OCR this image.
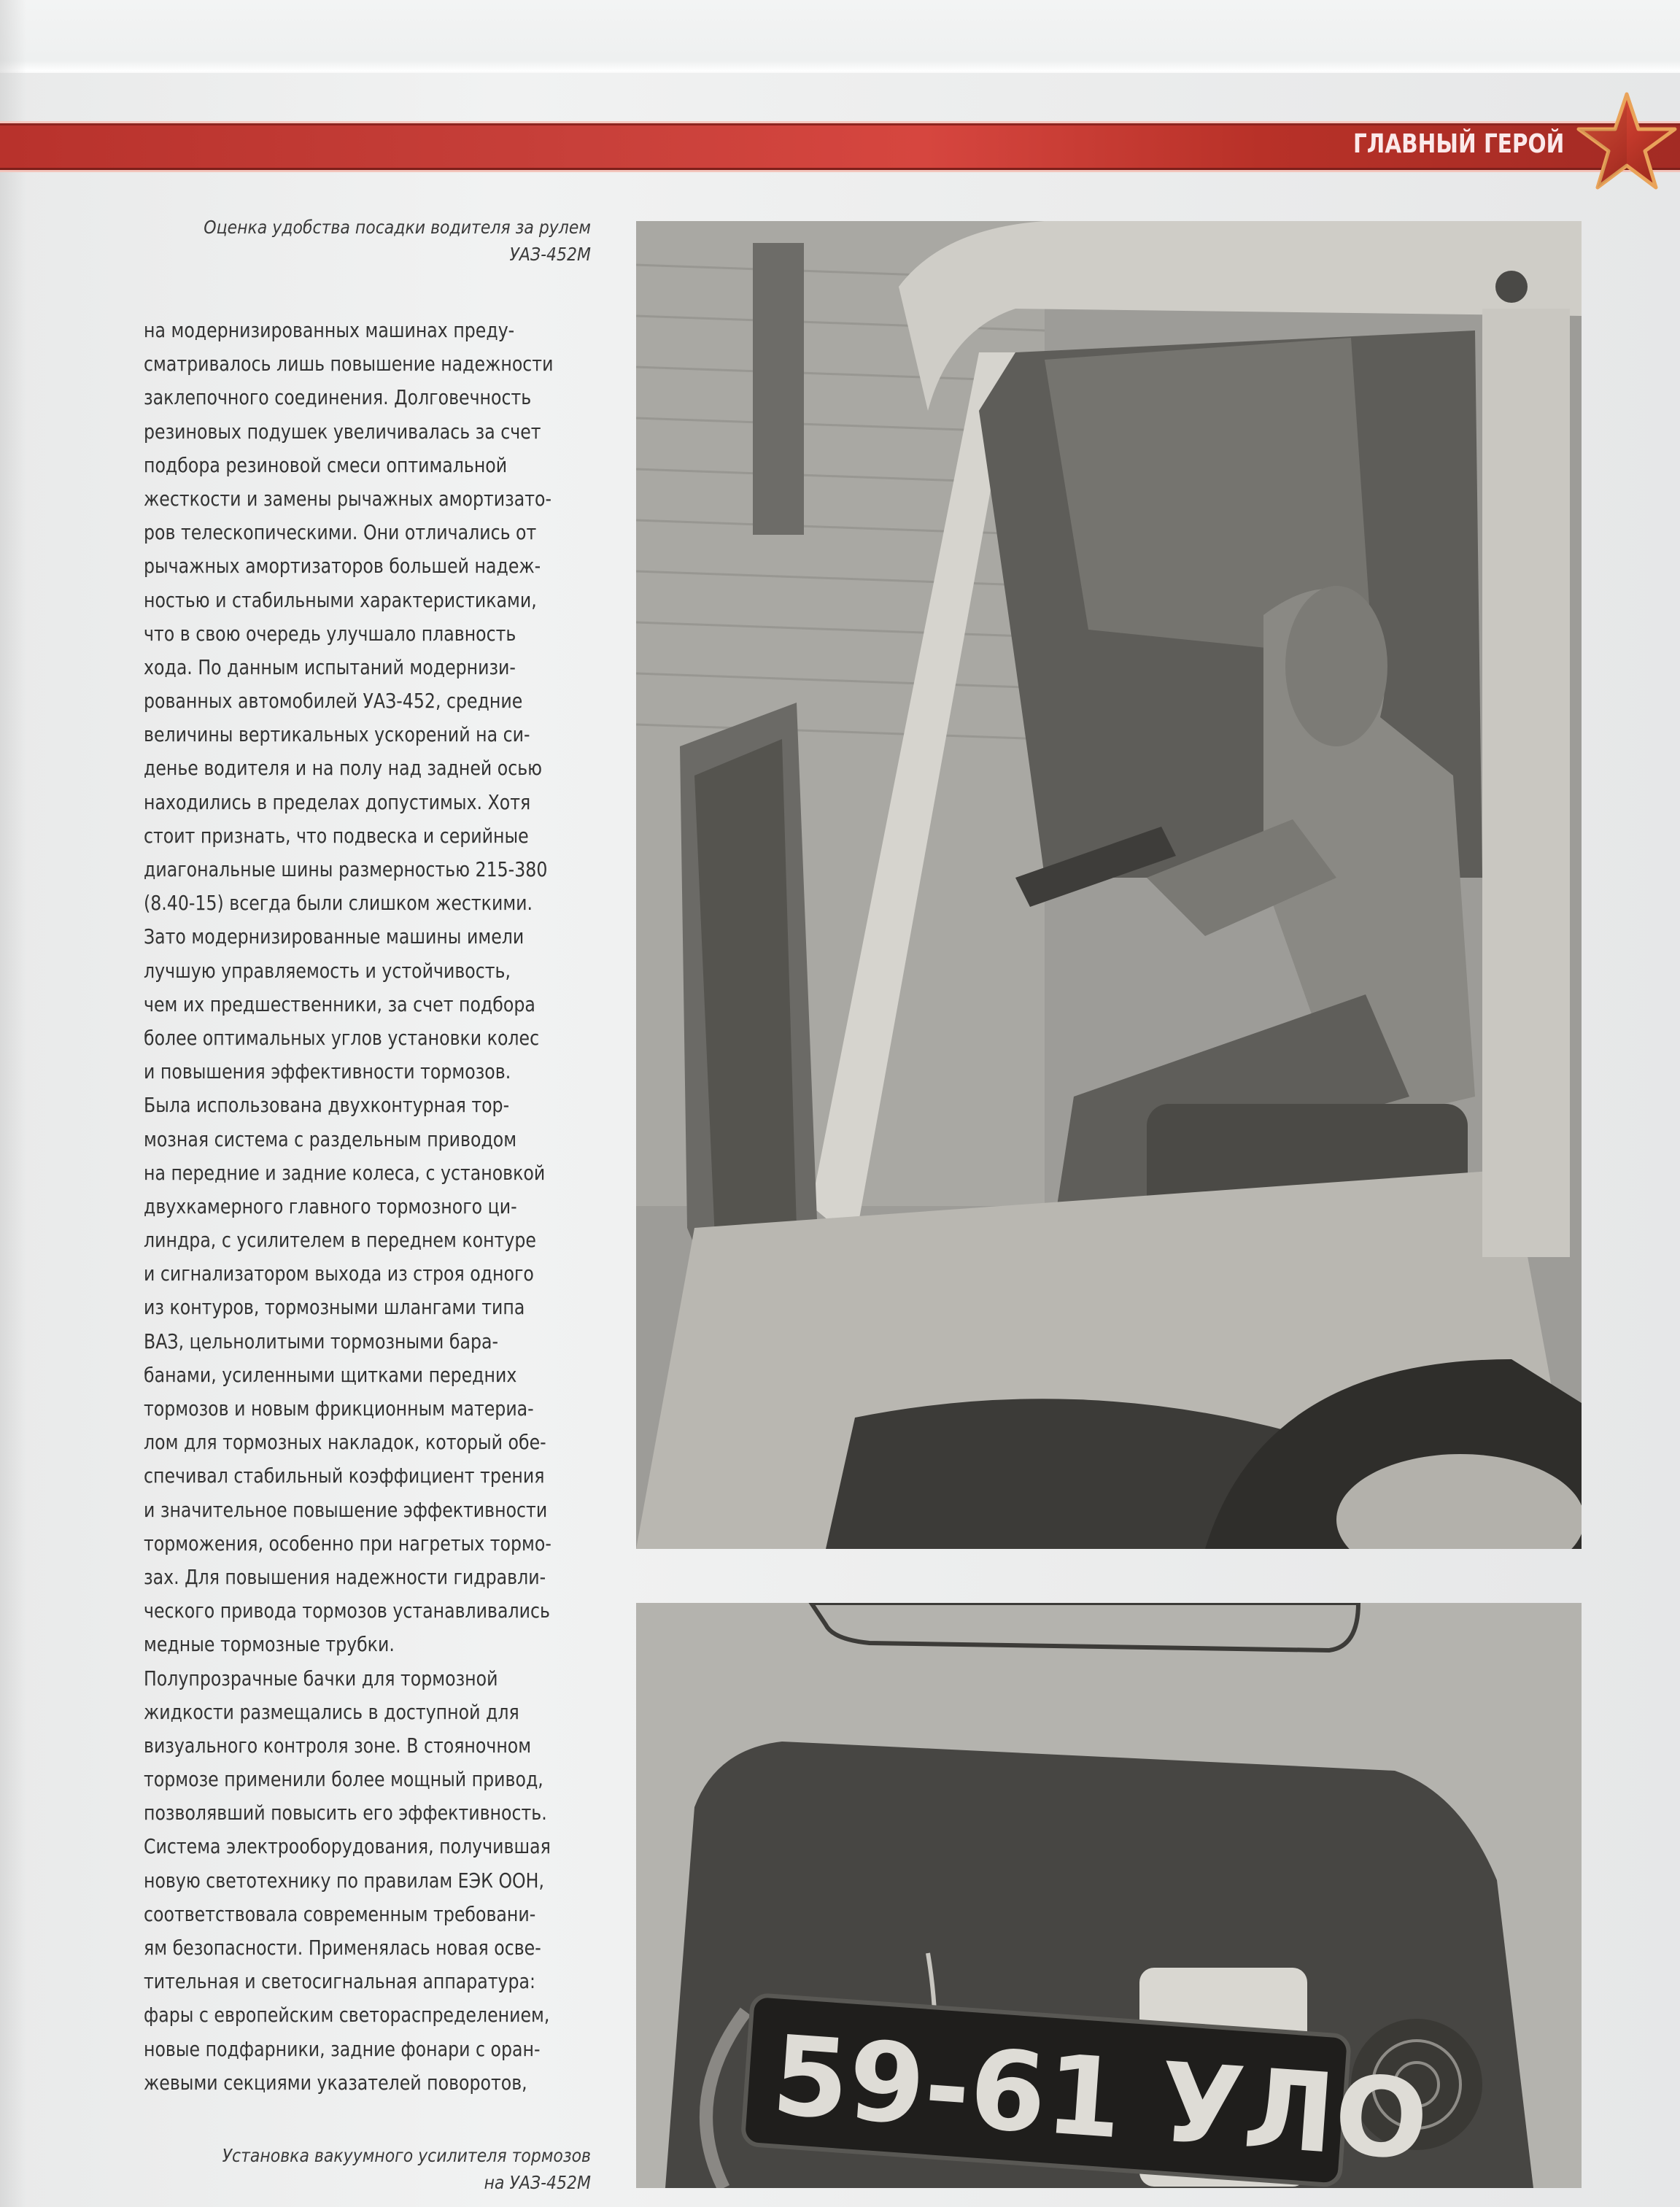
ГЛАВНЫЙ ГЕРОЙ
Оценка удобства посадки водителя за рулем
УАЗ-452М
на модернизированных машинах преду-
сматривалось лишь повышение надежности
заклепочного соединения. Долговечность
резиновых подушек увеличивалась за счет
подбора резиновой смеси оптимальной
жесткости и замены рычажных амортизато-
ров телескопическими. Они отличались от
рычажных амортизаторов большей надеж-
ностью и стабильными характеристиками,
что в свою очередь улучшало плавность
хода. По данным испытаний модернизи-
рованных автомобилей УАЗ-452, средние
величины вертикальных ускорений на си-
денье водителя и на полу над задней осью
находились в пределах допустимых. Хотя
стоит признать, что подвеска и серийные
диагональные шины размерностью 215-380
(8.40-15) всегда были слишком жесткими.
Зато модернизированные машины имели
лучшую управляемость и устойчивость,
чем их предшественники, за счет подбора
более оптимальных углов установки колес
и повышения эффективности тормозов.
Была использована двухконтурная тор-
мозная система с раздельным приводом
на передние и задние колеса, с установкой
двухкамерного главного тормозного ци-
линдра, с усилителем в переднем контуре
и сигнализатором выхода из строя одного
из контуров, тормозными шлангами типа
ВАЗ, цельнолитыми тормозными бара-
банами, усиленными щитками передних
тормозов и новым фрикционным материа-
лом для тормозных накладок, который обе-
спечивал стабильный коэффициент трения
и значительное повышение эффективности
торможения, особенно при нагретых тормо-
зах. Для повышения надежности гидравли-
ческого привода тормозов устанавливались
медные тормозные трубки.
Полупрозрачные бачки для тормозной
жидкости размещались в доступной для
визуального контроля зоне. В стояночном
тормозе применили более мощный привод,
позволявший повысить его эффективность.
Система электрооборудования, получившая
новую светотехнику по правилам ЕЭК ООН,
соответствовала современным требовани-
ям безопасности. Применялась новая осве-
тительная и светосигнальная аппаратура:
фары с европейским светораспределением,
новые подфарники, задние фонари с оран-
жевыми секциями указателей поворотов,	59-61 УЛО
Установка вакуумного усилителя тормозов
на УАЗ-452М
